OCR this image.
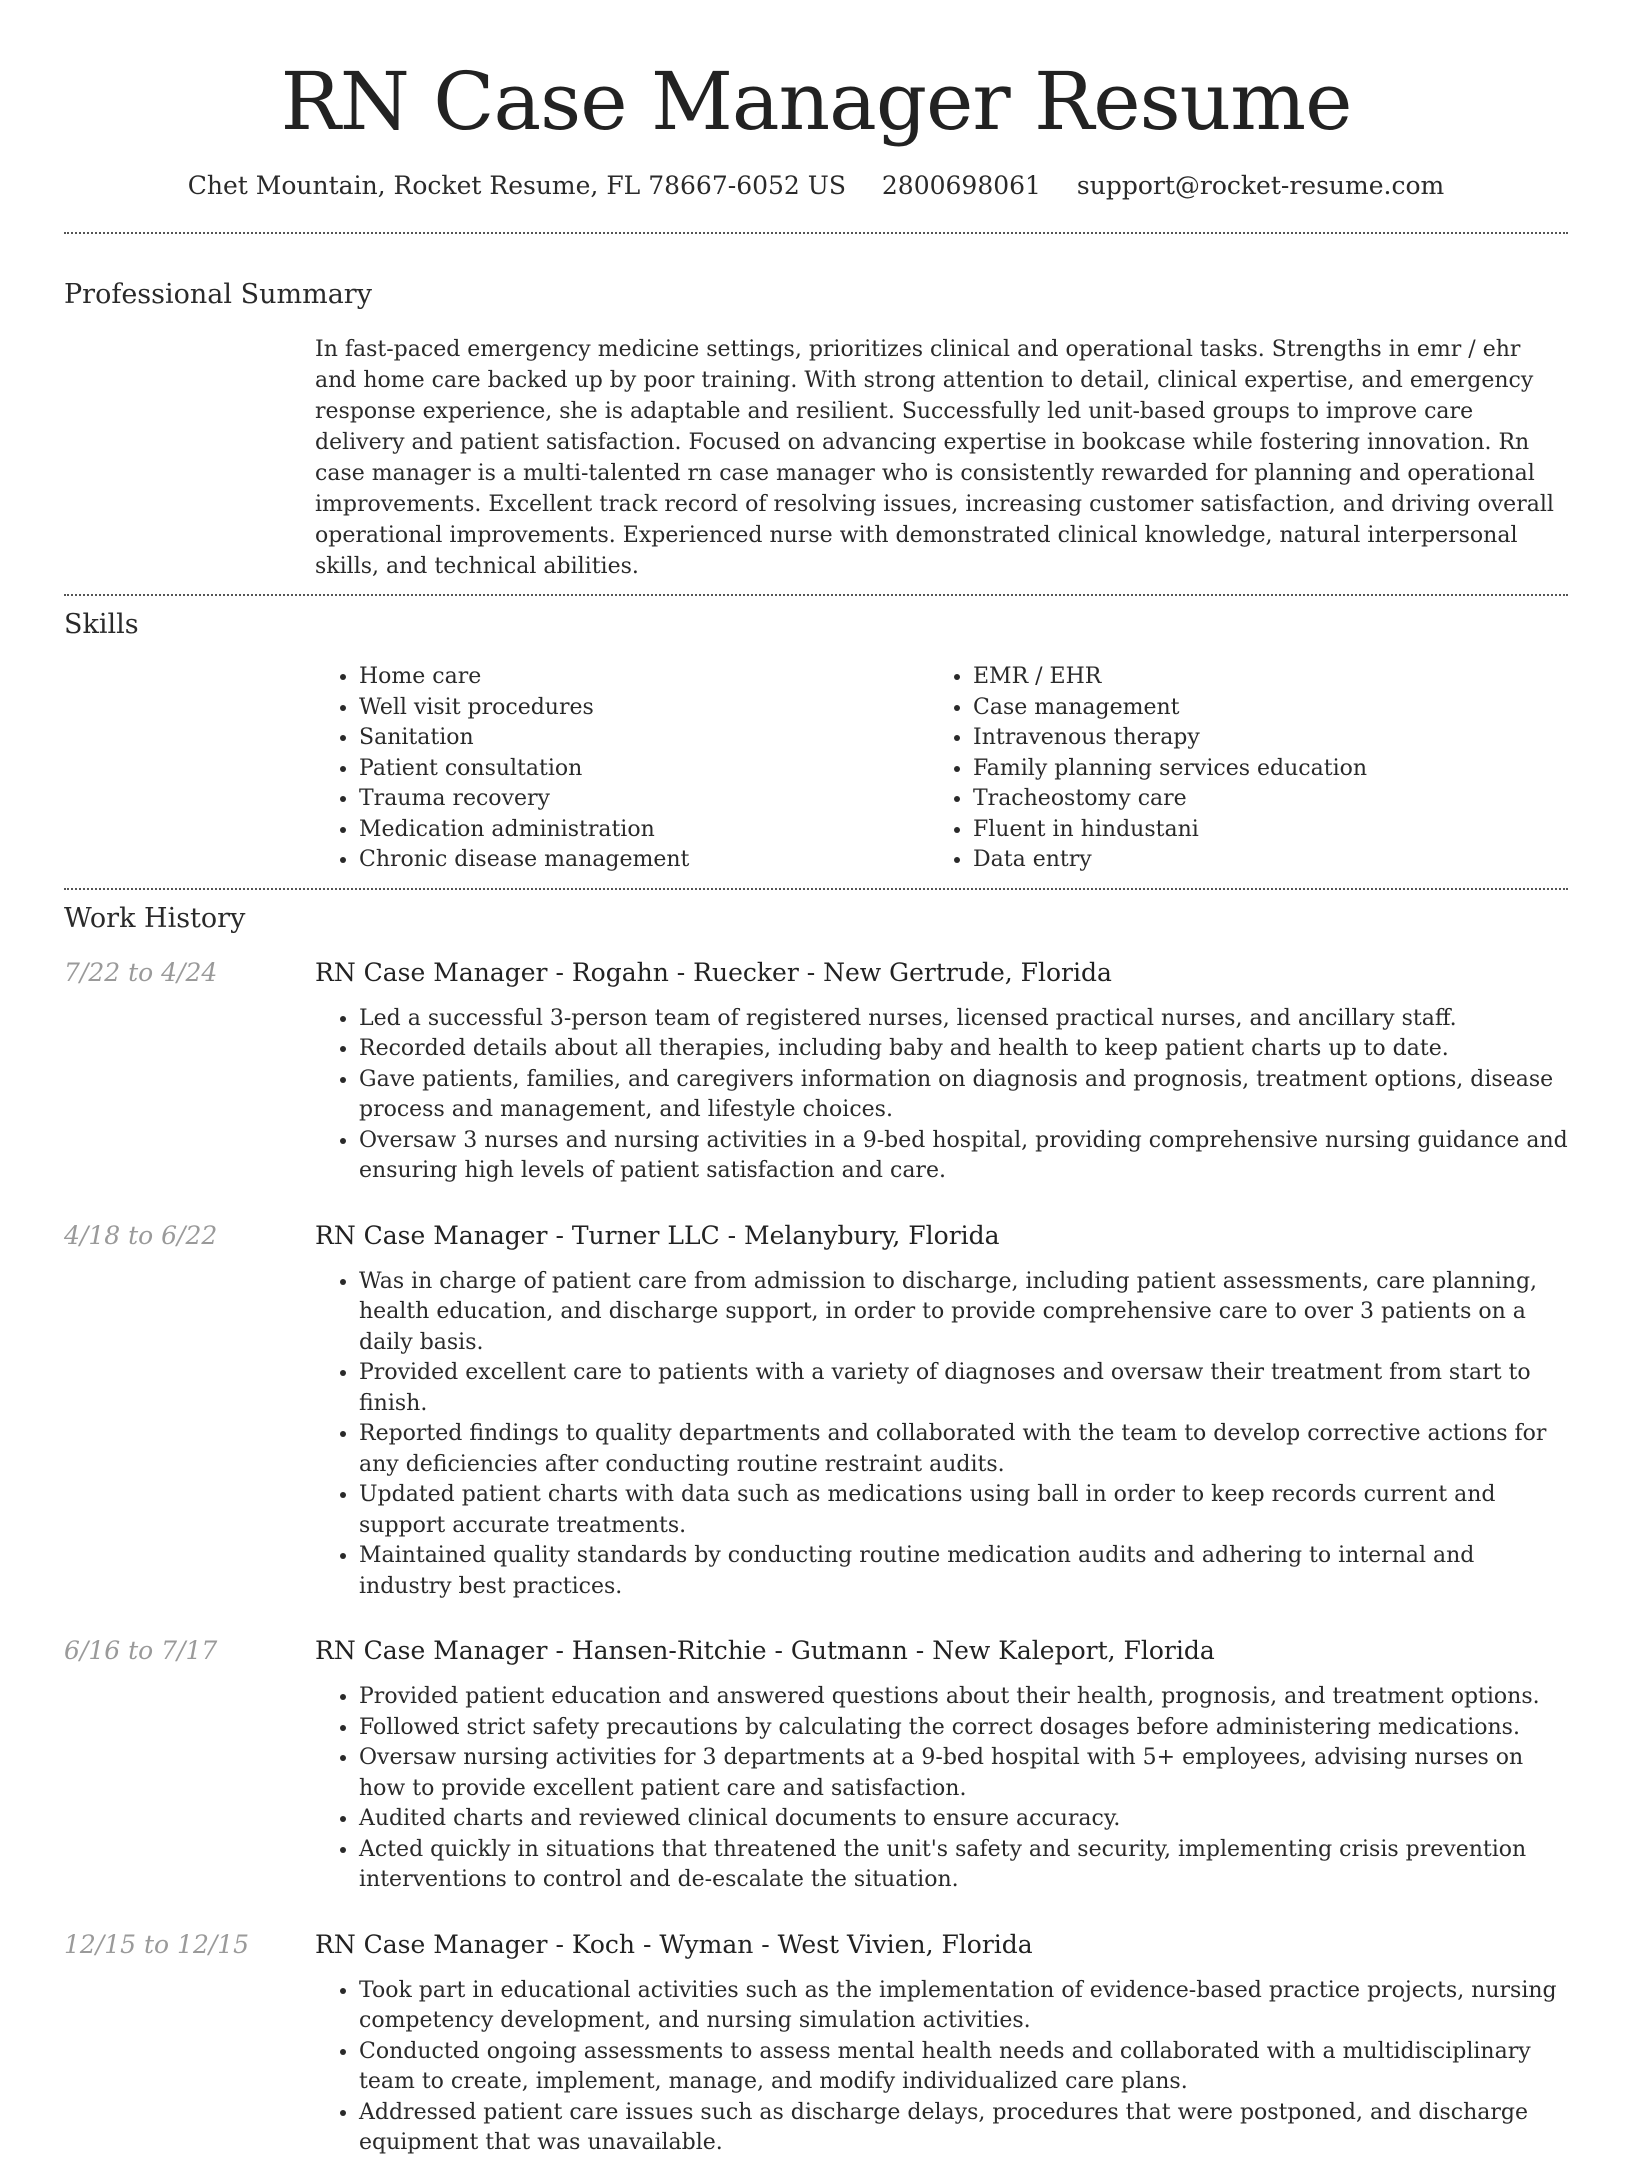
RN Case Manager Resume
Chet Mountain, Rocket Resume, FL 78667-6052 US 2800698061 support@rocket-resume.com
Professional Summary

In fast-paced emergency medicine settings, prioritizes clinical and operational tasks. Strengths in emr / ehr and home care backed up by poor training. With strong attention to detail, clinical expertise, and emergency response experience, she is adaptable and resilient. Successfully led unit-based groups to improve care delivery and patient satisfaction. Focused on advancing expertise in bookcase while fostering innovation. Rn case manager is a multi-talented rn case manager who is consistently rewarded for planning and operational improvements. Excellent track record of resolving issues, increasing customer satisfaction, and driving overall operational improvements. Experienced nurse with demonstrated clinical knowledge, natural interpersonal skills, and technical abilities.

Skills
• Home care
• Well visit procedures
• Sanitation
• Patient consultation
• Trauma recovery
• Medication administration
• Chronic disease management
• EMR / EHR
• Case management
• Intravenous therapy
• Family planning services education
• Tracheostomy care
• Fluent in hindustani
• Data entry
Work History
7/22 to 4/24	RN Case Manager - Rogahn - Ruecker - New Gertrude, Florida
• Led a successful 3-person team of registered nurses, licensed practical nurses, and ancillary staff.
• Recorded details about all therapies, including baby and health to keep patient charts up to date.
• Gave patients, families, and caregivers information on diagnosis and prognosis, treatment options, disease process and management, and lifestyle choices.
• Oversaw 3 nurses and nursing activities in a 9-bed hospital, providing comprehensive nursing guidance and ensuring high levels of patient satisfaction and care.
4/18 to 6/22	RN Case Manager - Turner LLC - Melanybury, Florida
• Was in charge of patient care from admission to discharge, including patient assessments, care planning, health education, and discharge support, in order to provide comprehensive care to over 3 patients on a daily basis.
• Provided excellent care to patients with a variety of diagnoses and oversaw their treatment from start to finish.
• Reported findings to quality departments and collaborated with the team to develop corrective actions for any deficiencies after conducting routine restraint audits.
• Updated patient charts with data such as medications using ball in order to keep records current and support accurate treatments.
• Maintained quality standards by conducting routine medication audits and adhering to internal and industry best practices.
6/16 to 7/17	RN Case Manager - Hansen-Ritchie - Gutmann - New Kaleport, Florida
• Provided patient education and answered questions about their health, prognosis, and treatment options.
• Followed strict safety precautions by calculating the correct dosages before administering medications.
• Oversaw nursing activities for 3 departments at a 9-bed hospital with 5+ employees, advising nurses on how to provide excellent patient care and satisfaction.
• Audited charts and reviewed clinical documents to ensure accuracy.
• Acted quickly in situations that threatened the unit's safety and security, implementing crisis prevention interventions to control and de-escalate the situation.
12/15 to 12/15	RN Case Manager - Koch - Wyman - West Vivien, Florida
• Took part in educational activities such as the implementation of evidence-based practice projects, nursing competency development, and nursing simulation activities.
• Conducted ongoing assessments to assess mental health needs and collaborated with a multidisciplinary team to create, implement, manage, and modify individualized care plans.
• Addressed patient care issues such as discharge delays, procedures that were postponed, and discharge equipment that was unavailable.
